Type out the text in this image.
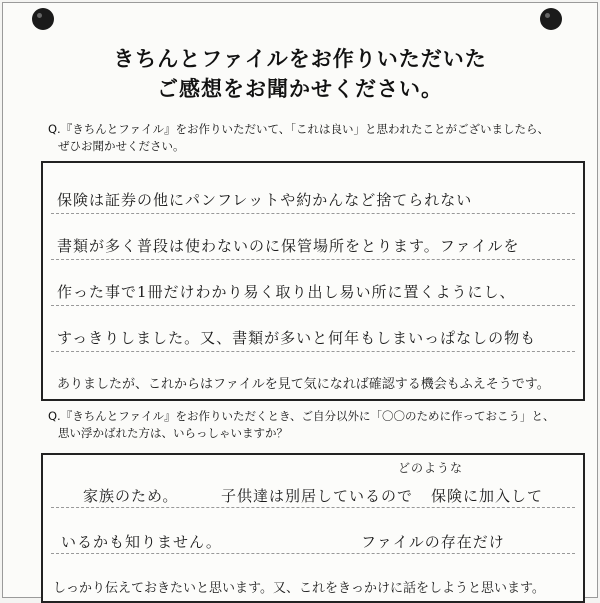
きちんとファイルをお作りいただいた
ご感想をお聞かせください。
Q.『きちんとファイル』をお作りいただいて、「これは良い」と思われたことがございましたら、
ぜひお聞かせください。
保険は証券の他にパンフレットや約かんなど捨てられない
書類が多く普段は使わないのに保管場所をとります。ファイルを
作った事で1冊だけわかり易く取り出し易い所に置くようにし、
すっきりしました。又、書類が多いと何年もしまいっぱなしの物も
ありましたが、これからはファイルを見て気になれば確認する機会もふえそうです。
Q.『きちんとファイル』をお作りいただくとき、ご自分以外に「〇〇のために作っておこう」と、
思い浮かばれた方は、いらっしゃいますか？
どのような
家族のため。	子供達は別居しているので 保険に加入して
いるかも知りません。	ファイルの存在だけ
しっかり伝えておきたいと思います。又、これをきっかけに話をしようと思います。
